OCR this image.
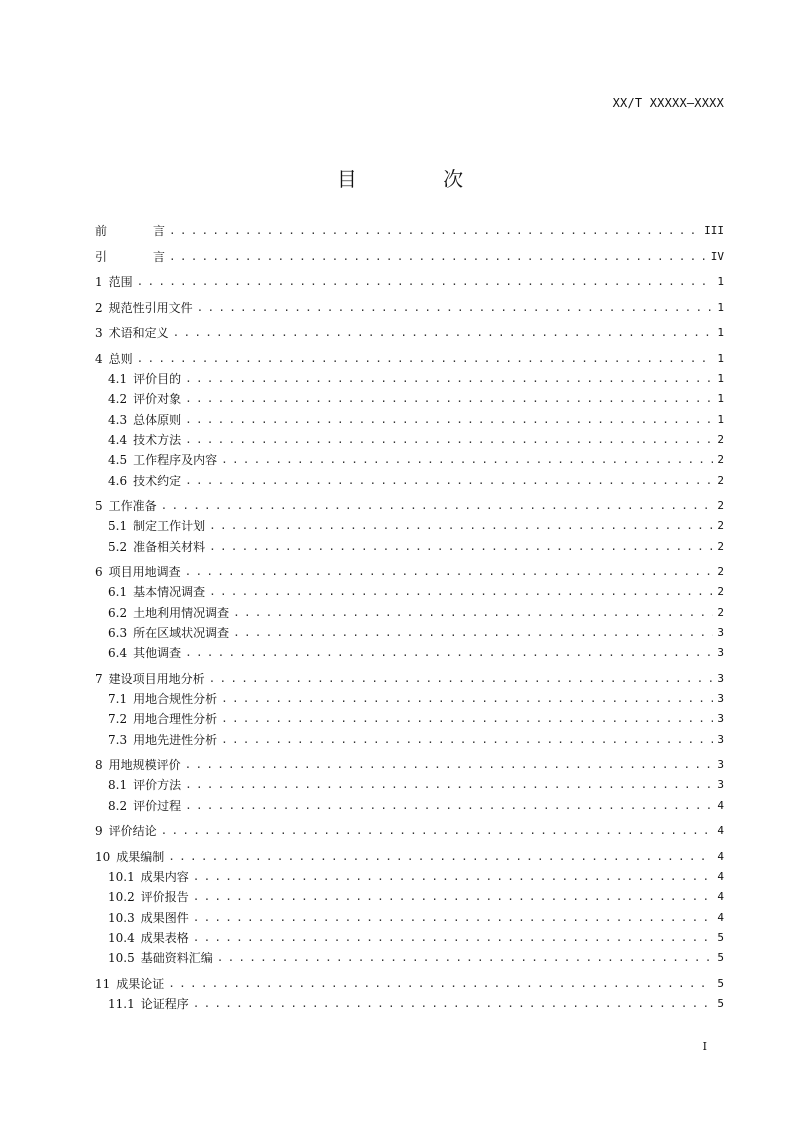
XX/T XXXXX—XXXX
目 次
前	言 . . .	III
引	言 . . .	IV
1 范围 . . .	1
2 规范性引用文件 . . .	1
3 术语和定义 . . .	1
4 总则 . . .	1
4.1 评价目的 . . .	1
4.2 评价对象 . . .	1
4.3 总体原则 . . .	1
4.4 技术方法 . . .	2
4.5 工作程序及内容 . . .	2
4.6 技术约定 . . .	2
5 工作准备 . . .	2
5.1 制定工作计划 . . .	2
5.2 准备相关材料 . . .	2
6 项目用地调查 . . .	2
6.1 基本情况调查 . . .	2
6.2 土地利用情况调查 . . .	2
6.3 所在区域状况调查 . . .	3
6.4 其他调查 . . .	3
7 建设项目用地分析 . . .	3
7.1 用地合规性分析 . . .	3
7.2 用地合理性分析 . . .	3
7.3 用地先进性分析 . . .	3
8 用地规模评价 . . .	3
8.1 评价方法 . . .	3
8.2 评价过程 . . .	4
9 评价结论 . . .	4
10 成果编制 . . .	4
10.1 成果内容 . . .	4
10.2 评价报告 . . .	4
10.3 成果图件 . . .	4
10.4 成果表格 . . .	5
10.5 基础资料汇编 . . .	5
11 成果论证 . . .	5
11.1 论证程序 . . .	5
I
